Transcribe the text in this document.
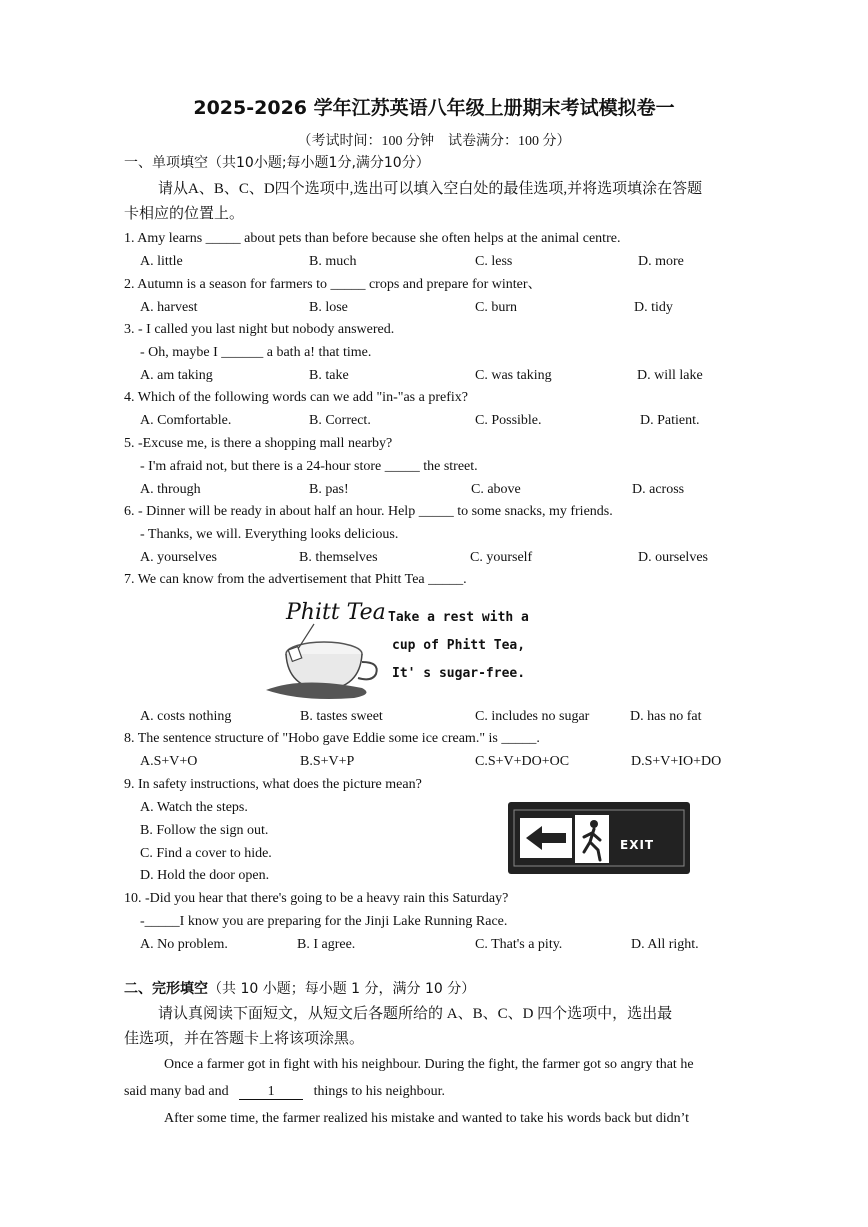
2025-2026 学年江苏英语八年级上册期末考试模拟卷一
（考试时间：100 分钟　试卷满分：100 分）
一、单项填空（共10小题;每小题1分,满分10分）
请从A、B、C、D四个选项中,选出可以填入空白处的最佳选项,并将选项填涂在答题
卡相应的位置上。
1. Amy learns _____ about pets than before because she often helps at the animal centre.
A. little	B. much	C. less	D. more
2. Autumn is a season for farmers to _____ crops and prepare for winter、
A. harvest	B. lose	C. burn	D. tidy
3. - I called you last night but nobody answered.
- Oh, maybe I ______ a bath a! that time.
A. am taking	B. take	C. was taking	D. will lake
4. Which of the following words can we add "in-"as a prefix?
A. Comfortable.	B. Correct.	C. Possible.	D. Patient.
5. -Excuse me, is there a shopping mall nearby?
- I'm afraid not, but there is a 24-hour store _____ the street.
A. through	B. pas!	C. above	D. across
6. - Dinner will be ready in about half an hour. Help _____ to some snacks, my friends.
- Thanks, we will. Everything looks delicious.
A. yourselves	B. themselves	C. yourself	D. ourselves
7. We can know from the advertisement that Phitt Tea _____.
Phitt Tea Take a rest with a
cup of Phitt Tea,
It' s sugar-free.
A. costs nothing	B. tastes sweet	C. includes no sugar	D. has no fat
8. The sentence structure of "Hobo gave Eddie some ice cream." is _____.
A.S+V+O	B.S+V+P	C.S+V+DO+OC	D.S+V+IO+DO
9. In safety instructions, what does the picture mean?
A. Watch the steps.
B. Follow the sign out.
C. Find a cover to hide.
D. Hold the door open.
EXIT
10. -Did you hear that there's going to be a heavy rain this Saturday?
-_____I know you are preparing for the Jinji Lake Running Race.
A. No problem.	B. I agree.	C. That's a pity.	D. All right.
二、完形填空（共 10 小题；每小题 1 分，满分 10 分）
请认真阅读下面短文，从短文后各题所给的 A、B、C、D 四个选项中，选出最
佳选项，并在答题卡上将该项涂黑。
Once a farmer got in fight with his neighbour. During the fight, the farmer got so angry that he
said many bad and	1	things to his neighbour.
After some time, the farmer realized his mistake and wanted to take his words back but didn’t
